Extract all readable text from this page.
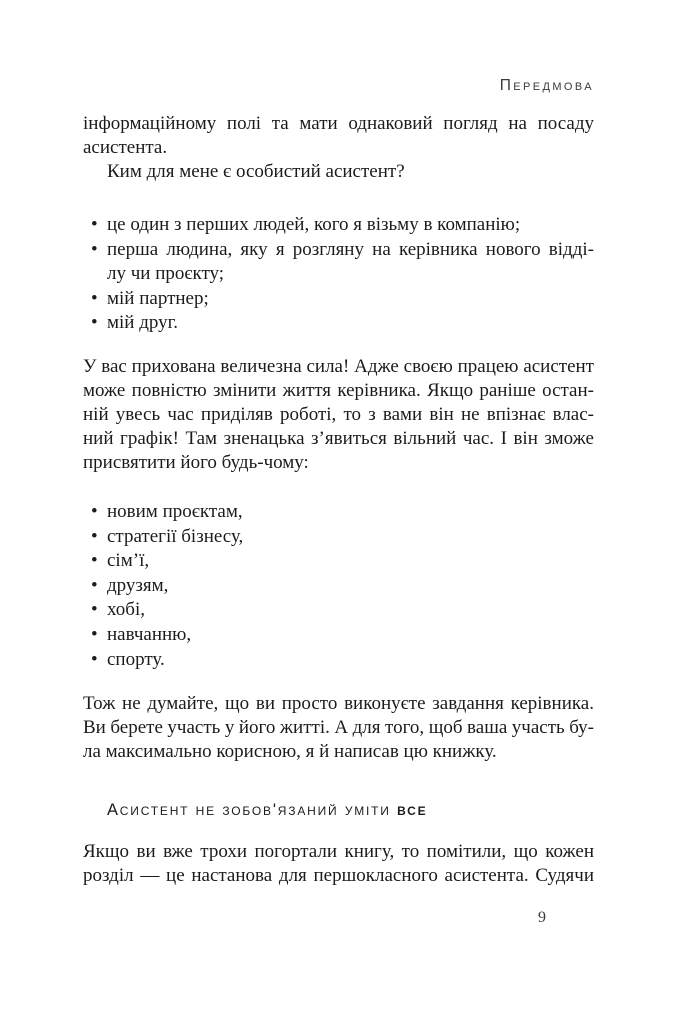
Передмова
інформаційному полі та мати однаковий погляд на посаду
асистента.
Ким для мене є особистий асистент?
• це один з перших людей, кого я візьму в компанію;
• перша людина, яку я розгляну на керівника нового відді-
лу чи проєкту;
• мій партнер;
• мій друг.
У вас прихована величезна сила! Адже своєю працею асистент
може повністю змінити життя керівника. Якщо раніше остан-
ній увесь час приділяв роботі, то з вами він не впізнає влас-
ний графік! Там зненацька з’явиться вільний час. І він зможе
присвятити його будь-чому:
• новим проєктам,
• стратегії бізнесу,
• сім’ї,
• друзям,
• хобі,
• навчанню,
• спорту.
Тож не думайте, що ви просто виконуєте завдання керівника.
Ви берете участь у його житті. А для того, щоб ваша участь бу-
ла максимально корисною, я й написав цю книжку.
Асистент не зобов'язаний уміти все
Якщо ви вже трохи погортали книгу, то помітили, що кожен
розділ — це настанова для першокласного асистента. Судячи
9
